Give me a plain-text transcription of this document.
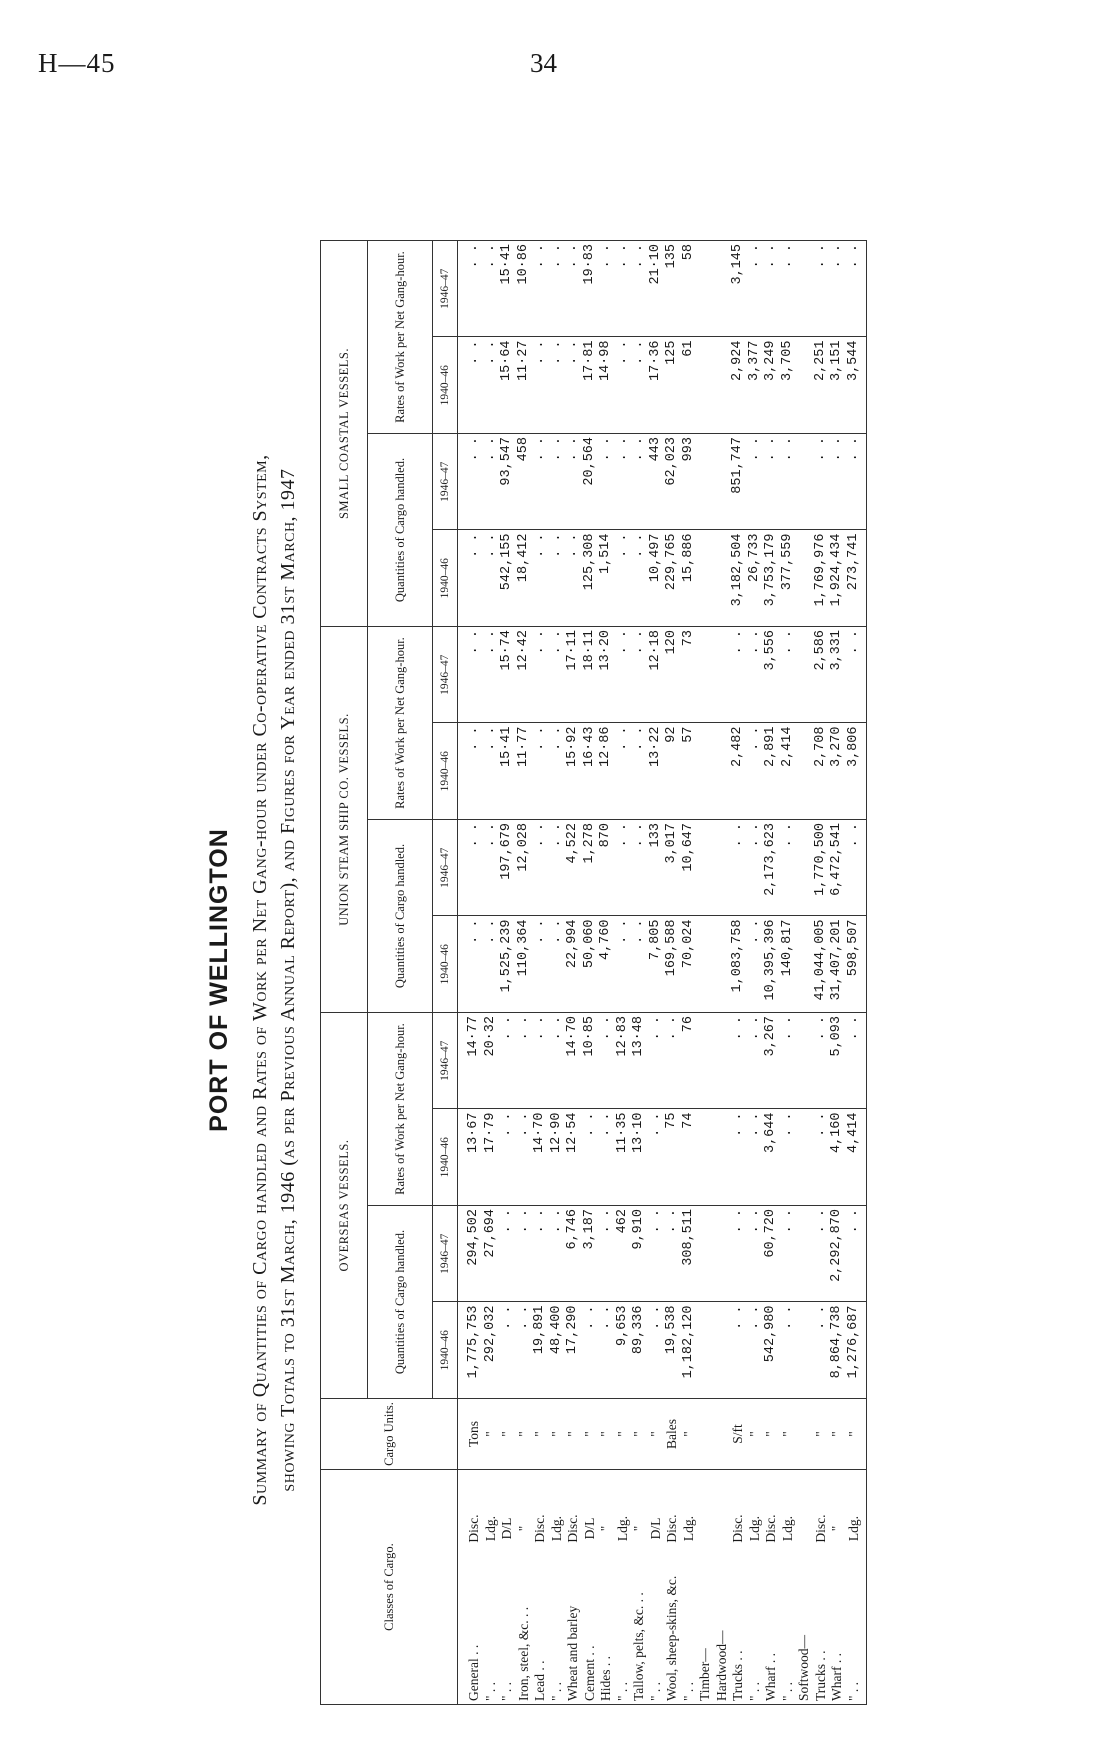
H—45	34
PORT OF WELLINGTON Summary of Quantities of Cargo handled and Rates of Work per Net Gang-hour under Co-operative Contracts System, showing Totals to 31st March, 1946 (as per Previous Annual Report), and Figures for Year ended 31st March, 1947
Classes of Cargo.		Cargo Units.	OVERSEAS VESSELS.				UNION STEAM SHIP CO. VESSELS.				SMALL COASTAL VESSELS.			
			Quantities of Cargo handled.		Rates of Work per Net Gang-hour.		Quantities of Cargo handled.		Rates of Work per Net Gang-hour.		Quantities of Cargo handled.		Rates of Work per Net Gang-hour.	
			1940–46	1946–47	1940–46	1946–47	1940–46	1946–47	1940–46	1946–47	1940–46	1946–47	1940–46	1946–47
General . .	Disc.	Tons	1,775,753	294,502	13·67	14·77	. .	. .	. .	. .	. .	. .	. .	. .
" . .	Ldg.	"	292,032	27,694	17·79	20·32	. .	. .	. .	. .	. .	. .	. .	. .
" . .	D/L	"	. .	. .	. .	. .	1,525,239	197,679	15·41	15·74	542,155	93,547	15·64	15·41
Iron, steel, &c. . .	"	"	. .	. .	. .	. .	110,364	12,028	11·77	12·42	18,412	458	11·27	10·86
Lead . .	Disc.	"	19,891	. .	14·70	. .	. .	. .	. .	. .	. .	. .	. .	. .
" . .	Ldg.	"	48,400	. .	12·90	. .	. .	. .	. .	. .	. .	. .	. .	. .
Wheat and barley	Disc.	"	17,290	6,746	12·54	14·70	22,994	4,522	15·92	17·11	. .	. .	. .	. .
Cement . .	D/L	"	. .	3,187	. .	10·85	50,060	1,278	16·43	18·11	125,308	20,564	17·81	19·83
Hides . .	"	"	. .	. .	. .	. .	4,760	870	12·86	13·20	1,514	. .	14·98	. .
" . .	Ldg.	"	9,653	462	11·35	12·83	. .	. .	. .	. .	. .	. .	. .	. .
Tallow, pelts, &c. . .	"	"	89,336	9,910	13·10	13·48	. .	. .	. .	. .	. .	. .	. .	. .
" . .	D/L	"	. .	. .	. .	. .	7,805	133	13·22	12·18	10,497	443	17·36	21·10
Wool, sheep-skins, &c.	Disc.	Bales	19,538	. .	75	. .	169,588	3,017	92	120	229,765	62,023	125	135
" . .	Ldg.	"	1,182,120	308,511	74	76	70,024	10,647	57	73	15,886	993	61	58
Timber—														
Hardwood—														
Trucks . .	Disc.	S/ft	. .	. .	. .	. .	1,083,758	. .	2,482	. .	3,182,504	851,747	2,924	3,145
" . .	Ldg.	"	. .	. .	. .	. .	. .	. .	. .	. .	26,733	. .	3,377	. .
Wharf . .	Disc.	"	542,980	60,720	3,644	3,267	10,395,396	2,173,623	2,891	3,556	3,753,179	. .	3,249	. .
" . .	Ldg.	"	. .	. .	. .	. .	140,817	. .	2,414	. .	377,559	. .	3,705	. .
Softwood—														
Trucks . .	Disc.	"	. .	. .	. .	. .	41,044,005	1,770,500	2,708	2,586	1,769,976	. .	2,251	. .
Wharf . .	"	"	8,864,738	2,292,870	4,160	5,093	31,407,201	6,472,541	3,270	3,331	1,924,434	. .	3,151	. .
" . .	Ldg.	"	1,276,687	. .	4,414	. .	598,507	. .	3,806	. .	273,741	. .	3,544	. .
